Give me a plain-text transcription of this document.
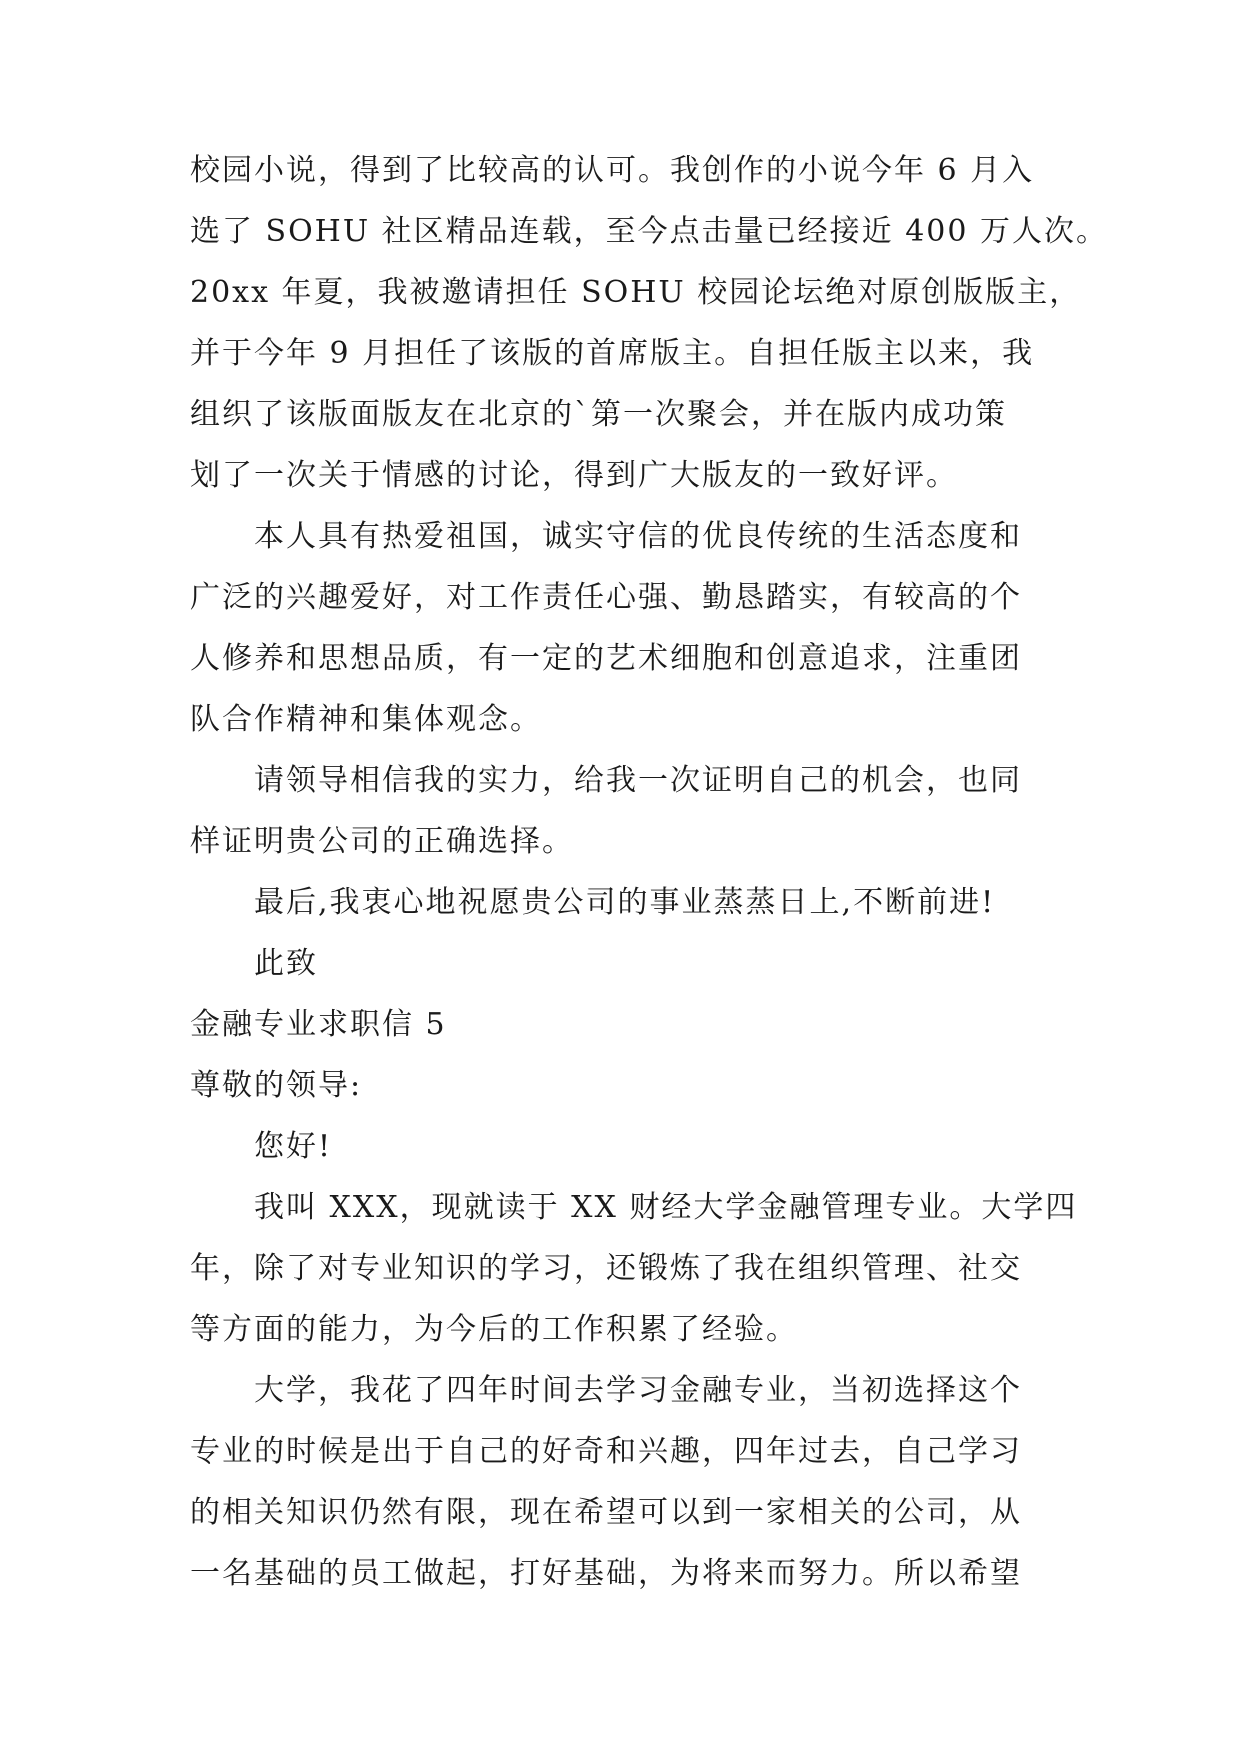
校园小说，得到了比较高的认可。我创作的小说今年 6 月入
选了 SOHU 社区精品连载，至今点击量已经接近 400 万人次。
20xx 年夏，我被邀请担任 SOHU 校园论坛绝对原创版版主，
并于今年 9 月担任了该版的首席版主。自担任版主以来，我
组织了该版面版友在北京的`第一次聚会，并在版内成功策
划了一次关于情感的讨论，得到广大版友的一致好评。
本人具有热爱祖国，诚实守信的优良传统的生活态度和
广泛的兴趣爱好，对工作责任心强、勤恳踏实，有较高的个
人修养和思想品质，有一定的艺术细胞和创意追求，注重团
队合作精神和集体观念。
请领导相信我的实力，给我一次证明自己的机会，也同
样证明贵公司的正确选择。
最后,我衷心地祝愿贵公司的事业蒸蒸日上,不断前进!
此致
金融专业求职信 5
尊敬的领导:
您好!
我叫 XXX，现就读于 XX 财经大学金融管理专业。大学四
年，除了对专业知识的学习，还锻炼了我在组织管理、社交
等方面的能力，为今后的工作积累了经验。
大学，我花了四年时间去学习金融专业，当初选择这个
专业的时候是出于自己的好奇和兴趣，四年过去，自己学习
的相关知识仍然有限，现在希望可以到一家相关的公司，从
一名基础的员工做起，打好基础，为将来而努力。所以希望
